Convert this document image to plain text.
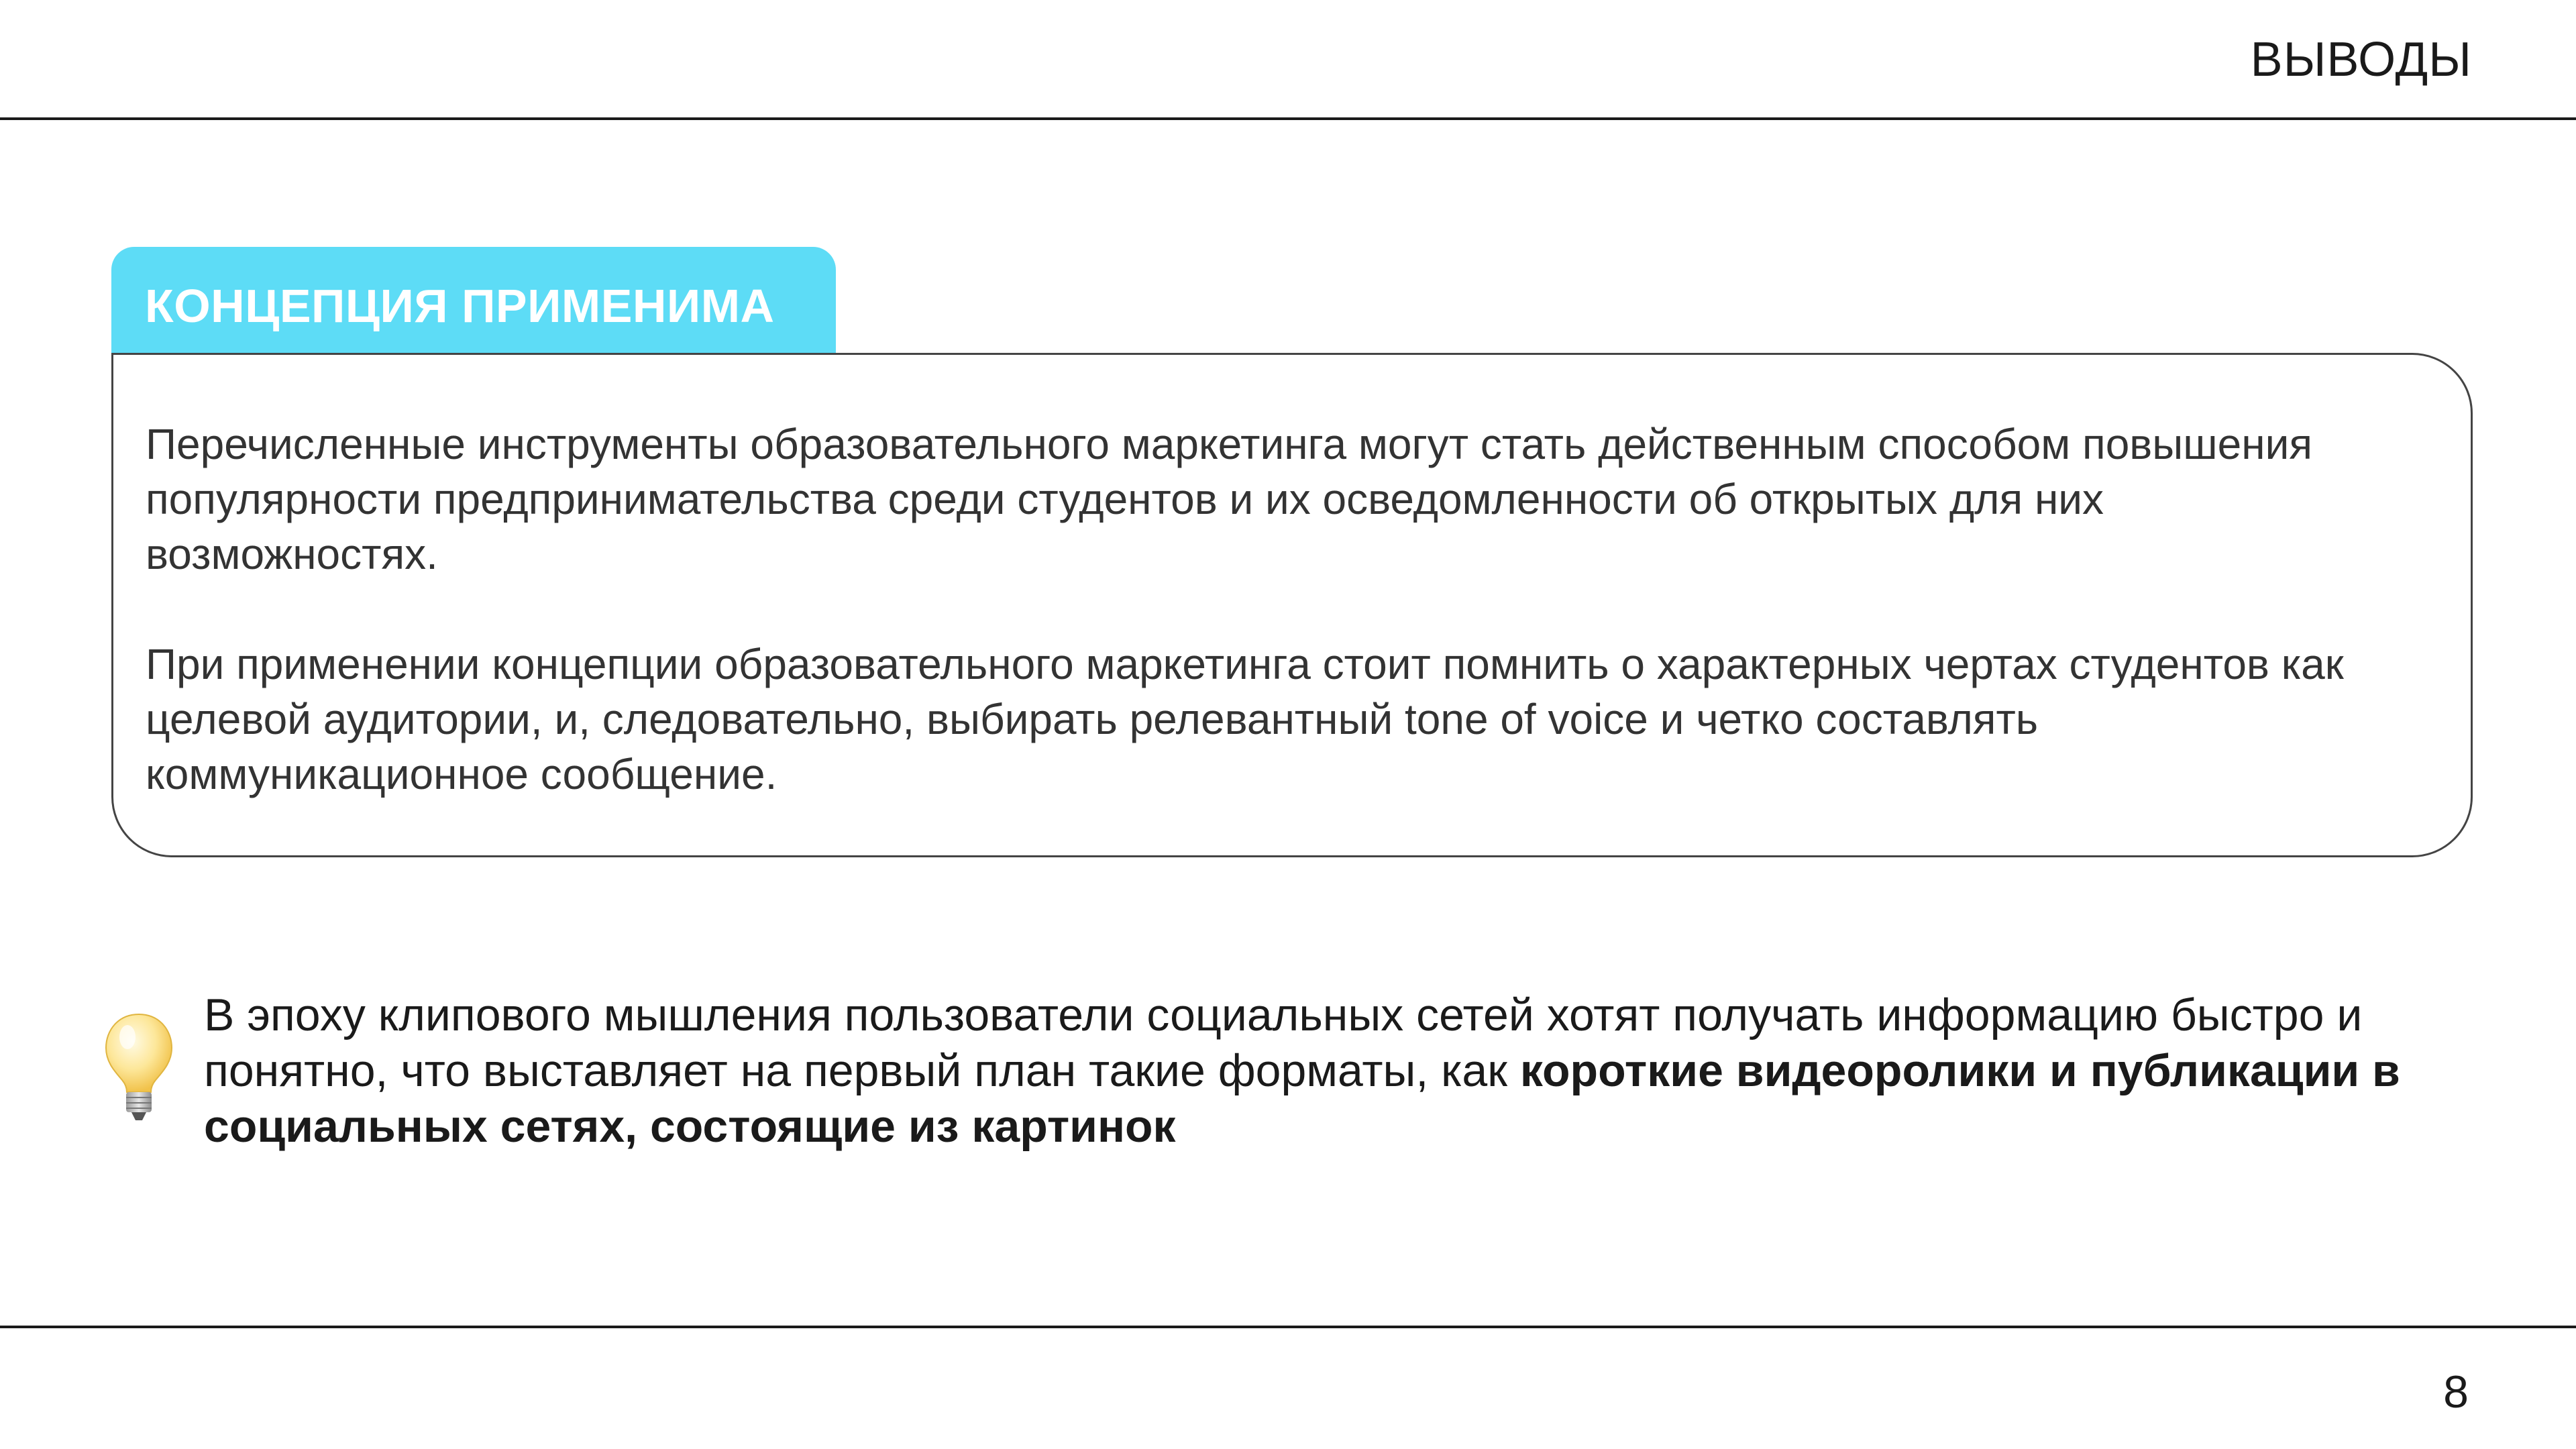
ВЫВОДЫ
КОНЦЕПЦИЯ ПРИМЕНИМА

Перечисленные инструменты образовательного маркетинга могут стать действенным способом повышения популярности предпринимательства среди студентов и их осведомленности об открытых для них возможностях.

При применении концепции образовательного маркетинга стоит помнить о характерных чертах студентов как целевой аудитории, и, следовательно, выбирать релевантный tone of voice и четко составлять коммуникационное сообщение.

В эпоху клипового мышления пользователи социальных сетей хотят получать информацию быстро и понятно, что выставляет на первый план такие форматы, как короткие видеоролики и публикации в социальных сетях, состоящие из картинок
8
